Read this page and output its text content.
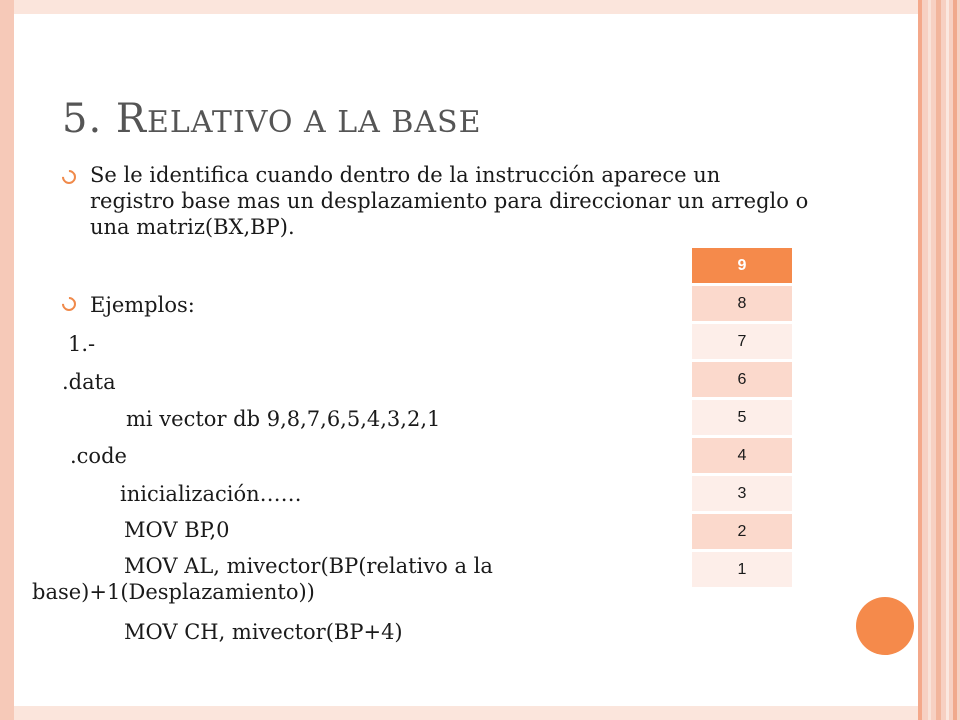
5. RELATIVO A LA BASE
Se le identifica cuando dentro de la instrucción aparece un registro base mas un desplazamiento para direccionar un arreglo o una matriz(BX,BP).
Ejemplos:
1.-
.data
mi vector db 9,8,7,6,5,4,3,2,1
.code
inicialización……
MOV BP,0
MOV AL, mivector(BP(relativo a la
base)+1(Desplazamiento))
MOV CH, mivector(BP+4)
9
8
7
6
5
4
3
2
1
